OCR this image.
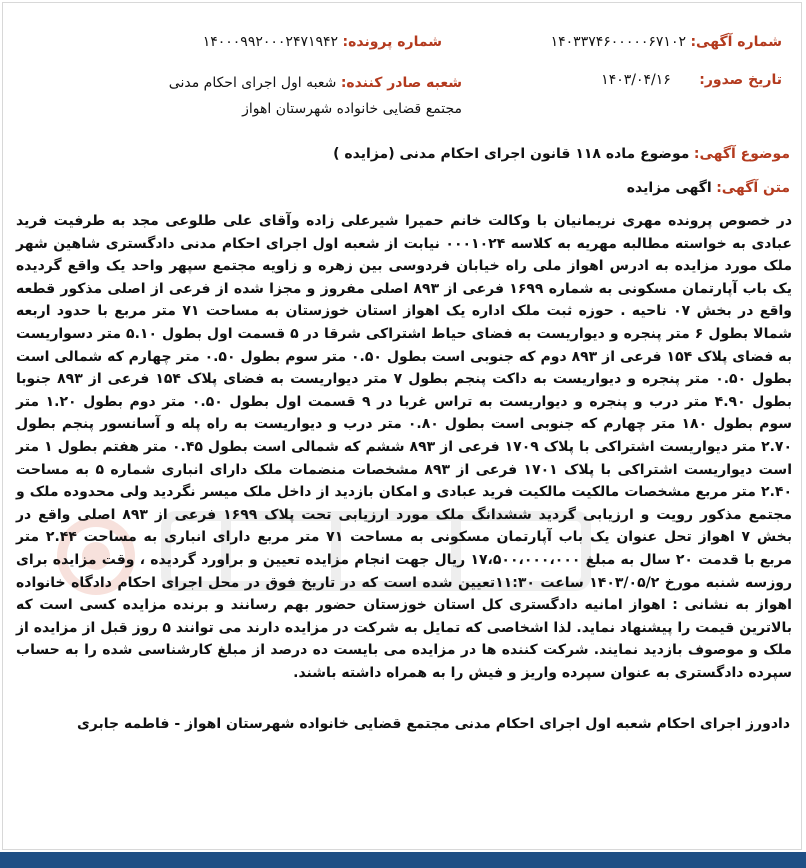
شماره آگهی: ۱۴۰۳۳۷۴۶۰۰۰۰۰۶۷۱۰۲
شماره پرونده: ۱۴۰۰۰۹۹۲۰۰۰۲۴۷۱۹۴۲
تاریخ صدور: ۱۴۰۳/۰۴/۱۶
شعبه صادر کننده: شعبه اول اجرای احکام مدنی مجتمع قضایی خانواده شهرستان اهواز
موضوع آگهی: موضوع ماده ۱۱۸ قانون اجرای احکام مدنی (مزایده )
متن آگهی: اگهی مزایده

در خصوص پرونده مهری نریمانیان با وکالت خانم حمیرا شیرعلی زاده وآقای علی طلوعی مجد به طرفیت فرید عبادی به خواسته مطالبه مهریه به کلاسه ۰۰۰۱۰۲۴ نیابت از شعبه اول اجرای احکام مدنی دادگستری شاهین شهر ملک مورد مزایده به ادرس اهواز ملی راه خیابان فردوسی بین زهره و زاویه مجتمع سپهر واحد یک واقع گردیده یک باب آپارتمان مسکونی به شماره ۱۶۹۹ فرعی از ۸۹۳ اصلی مفروز و مجزا شده از فرعی از اصلی مذکور قطعه واقع در بخش ۰۷ ناحیه . حوزه ثبت ملک اداره یک اهواز استان خوزستان به مساحت ۷۱ متر مربع با حدود اربعه شمالا بطول ۶ متر پنجره و دیواریست به فضای حیاط اشتراکی شرقا در ۵ قسمت اول بطول ۵.۱۰ متر دسواریست به فضای پلاک ۱۵۴ فرعی از ۸۹۳ دوم که جنوبی است بطول ۰.۵۰ متر سوم بطول ۰.۵۰ متر چهارم که شمالی است بطول ۰.۵۰ متر پنجره و دیواریست به داکت پنجم بطول ۷ متر دیواریست به فضای پلاک ۱۵۴ فرعی از ۸۹۳ جنوبا بطول ۴.۹۰ متر درب و پنجره و دیواریست به تراس غربا در ۹ قسمت اول بطول ۰.۵۰ متر دوم بطول ۱.۲۰ متر سوم بطول ۱۸۰ متر چهارم که جنوبی است بطول ۰.۸۰ متر درب و دیواریست به راه پله و آسانسور پنجم بطول ۲.۷۰ متر دیواریست اشتراکی با پلاک ۱۷۰۹ فرعی از ۸۹۳ ششم که شمالی است بطول ۰.۴۵ متر هفتم بطول ۱ متر است دیواریست اشتراکی با پلاک ۱۷۰۱ فرعی از ۸۹۳ مشخصات منضمات ملک دارای انباری شماره ۵ به مساحت ۲.۴۰ متر مربع مشخصات مالکیت مالکیت فرید عبادی و امکان بازدید از داخل ملک میسر نگردید ولی محدوده ملک و مجتمع مذکور رویت و ارزیابی گردید ششدانگ ملک مورد ارزیابی تحت پلاک ۱۶۹۹ فرعی از ۸۹۳ اصلی واقع در بخش ۷ اهواز تحل عنوان یک باب آپارتمان مسکونی به مساحت ۷۱ متر مربع دارای انباری به مساحت ۲.۴۴ متر مربع با قدمت ۲۰ سال به مبلغ ۱۷،۵۰۰،۰۰۰،۰۰۰ ریال جهت انجام مزایده تعیین و براورد گردیده ، وقت مزایده برای روزسه شنبه مورخ ۱۴۰۳/۰۵/۲ ساعت ۱۱:۳۰تعیین شده است که در تاریخ فوق در محل اجرای احکام دادگاه خانواده اهواز به نشانی : اهواز امانیه دادگستری کل استان خوزستان حضور بهم رسانند و برنده مزایده کسی است که بالاترین قیمت را پیشنهاد نماید. لذا اشخاصی که تمایل به شرکت در مزایده دارند می توانند ۵ روز قبل از مزایده از ملک و موصوف بازدید نمایند. شرکت کننده ها در مزایده می بایست ده درصد از مبلغ کارشناسی شده را به حساب سپرده دادگستری به عنوان سپرده واریز و فیش را به همراه داشته باشند.

دادورز اجرای احکام شعبه اول اجرای احکام مدنی مجتمع قضایی خانواده شهرستان اهواز - فاطمه جابری
